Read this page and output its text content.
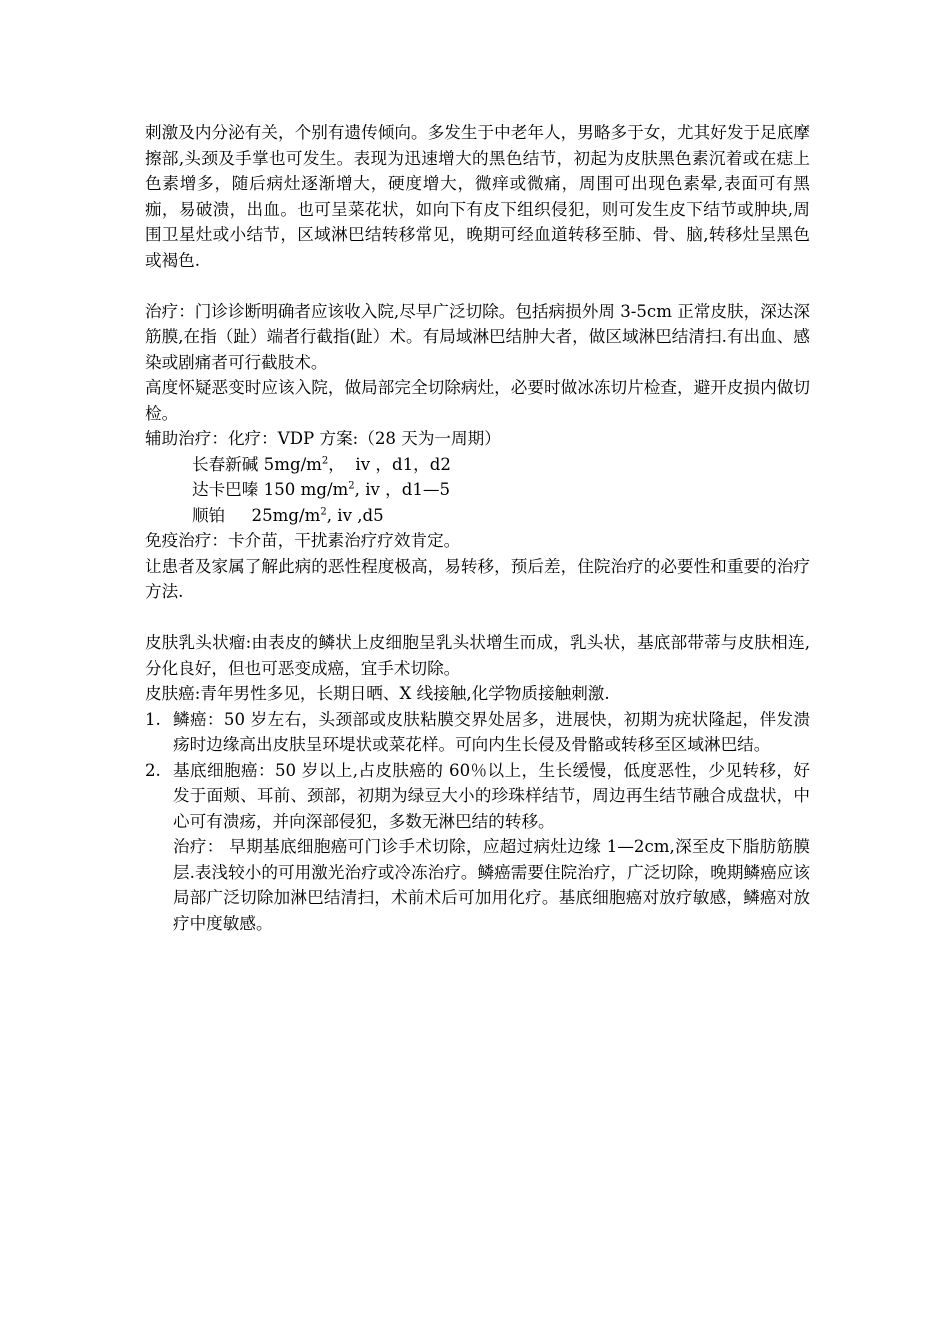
刺激及内分泌有关，个别有遗传倾向。多发生于中老年人，男略多于女，尤其好发于足底摩擦部,头颈及手掌也可发生。表现为迅速增大的黑色结节，初起为皮肤黑色素沉着或在痣上色素增多，随后病灶逐渐增大，硬度增大，微痒或微痛，周围可出现色素晕,表面可有黑痂，易破溃，出血。也可呈菜花状，如向下有皮下组织侵犯，则可发生皮下结节或肿块,周围卫星灶或小结节，区域淋巴结转移常见，晚期可经血道转移至肺、骨、脑,转移灶呈黑色或褐色.

治疗：门诊诊断明确者应该收入院,尽早广泛切除。包括病损外周 3-5cm 正常皮肤，深达深筋膜,在指（趾）端者行截指(趾）术。有局域淋巴结肿大者，做区域淋巴结清扫.有出血、感染或剧痛者可行截肢术。

高度怀疑恶变时应该入院，做局部完全切除病灶，必要时做冰冻切片检查，避开皮损内做切检。

辅助治疗：化疗：VDP 方案:（28 天为一周期）

长春新碱 $5mg/m^2$，  iv ，d1，d2

达卡巴嗪 150 $mg/m^2$, iv ，d1—5

顺铂     $25mg/m^2$, iv ,d5

免疫治疗：卡介苗，干扰素治疗疗效肯定。

让患者及家属了解此病的恶性程度极高，易转移，预后差，住院治疗的必要性和重要的治疗方法.

皮肤乳头状瘤:由表皮的鳞状上皮细胞呈乳头状增生而成，乳头状，基底部带蒂与皮肤相连,分化良好，但也可恶变成癌，宜手术切除。

皮肤癌:青年男性多见，长期日晒、X 线接触,化学物质接触刺激.

1. 鳞癌：50 岁左右，头颈部或皮肤粘膜交界处居多，进展快，初期为疣状隆起，伴发溃疡时边缘高出皮肤呈环堤状或菜花样。可向内生长侵及骨骼或转移至区域淋巴结。
2. 基底细胞癌：50 岁以上,占皮肤癌的 60％以上，生长缓慢，低度恶性，少见转移，好发于面颊、耳前、颈部，初期为绿豆大小的珍珠样结节，周边再生结节融合成盘状，中心可有溃疡，并向深部侵犯，多数无淋巴结的转移。

治疗： 早期基底细胞癌可门诊手术切除，应超过病灶边缘 1—2cm,深至皮下脂肪筋膜层.表浅较小的可用激光治疗或冷冻治疗。鳞癌需要住院治疗，广泛切除，晚期鳞癌应该局部广泛切除加淋巴结清扫，术前术后可加用化疗。基底细胞癌对放疗敏感，鳞癌对放疗中度敏感。
